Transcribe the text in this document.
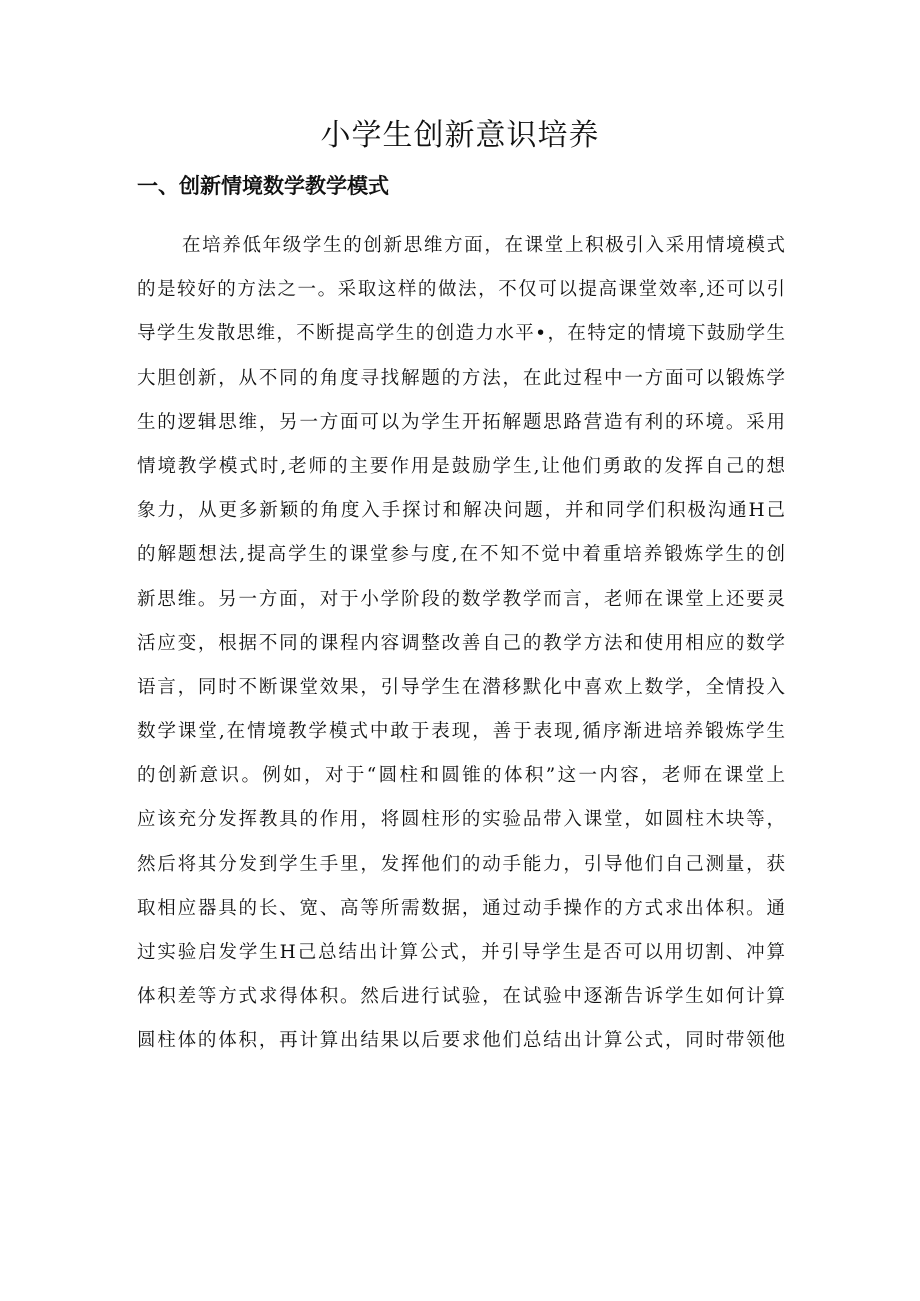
小学生创新意识培养
一、创新情境数学教学模式
在培养低年级学生的创新思维方面，在课堂上积极引入采用情境模式
的是较好的方法之一。采取这样的做法，不仅可以提高课堂效率,还可以引
导学生发散思维，不断提高学生的创造力水平•，在特定的情境下鼓励学生
大胆创新，从不同的角度寻找解题的方法，在此过程中一方面可以锻炼学
生的逻辑思维，另一方面可以为学生开拓解题思路营造有利的环境。采用
情境教学模式时,老师的主要作用是鼓励学生,让他们勇敢的发挥自己的想
象力，从更多新颖的角度入手探讨和解决问题，并和同学们积极沟通H己
的解题想法,提高学生的课堂参与度,在不知不觉中着重培养锻炼学生的创
新思维。另一方面，对于小学阶段的数学教学而言，老师在课堂上还要灵
活应变，根据不同的课程内容调整改善自己的教学方法和使用相应的数学
语言，同时不断课堂效果，引导学生在潜移默化中喜欢上数学，全情投入
数学课堂,在情境教学模式中敢于表现，善于表现,循序渐进培养锻炼学生
的创新意识。例如，对于“圆柱和圆锥的体积”这一内容，老师在课堂上
应该充分发挥教具的作用，将圆柱形的实验品带入课堂，如圆柱木块等，
然后将其分发到学生手里，发挥他们的动手能力，引导他们自己测量，获
取相应器具的长、宽、高等所需数据，通过动手操作的方式求出体积。通
过实验启发学生H己总结出计算公式，并引导学生是否可以用切割、冲算
体积差等方式求得体积。然后进行试验，在试验中逐渐告诉学生如何计算
圆柱体的体积，再计算出结果以后要求他们总结出计算公式，同时带领他
